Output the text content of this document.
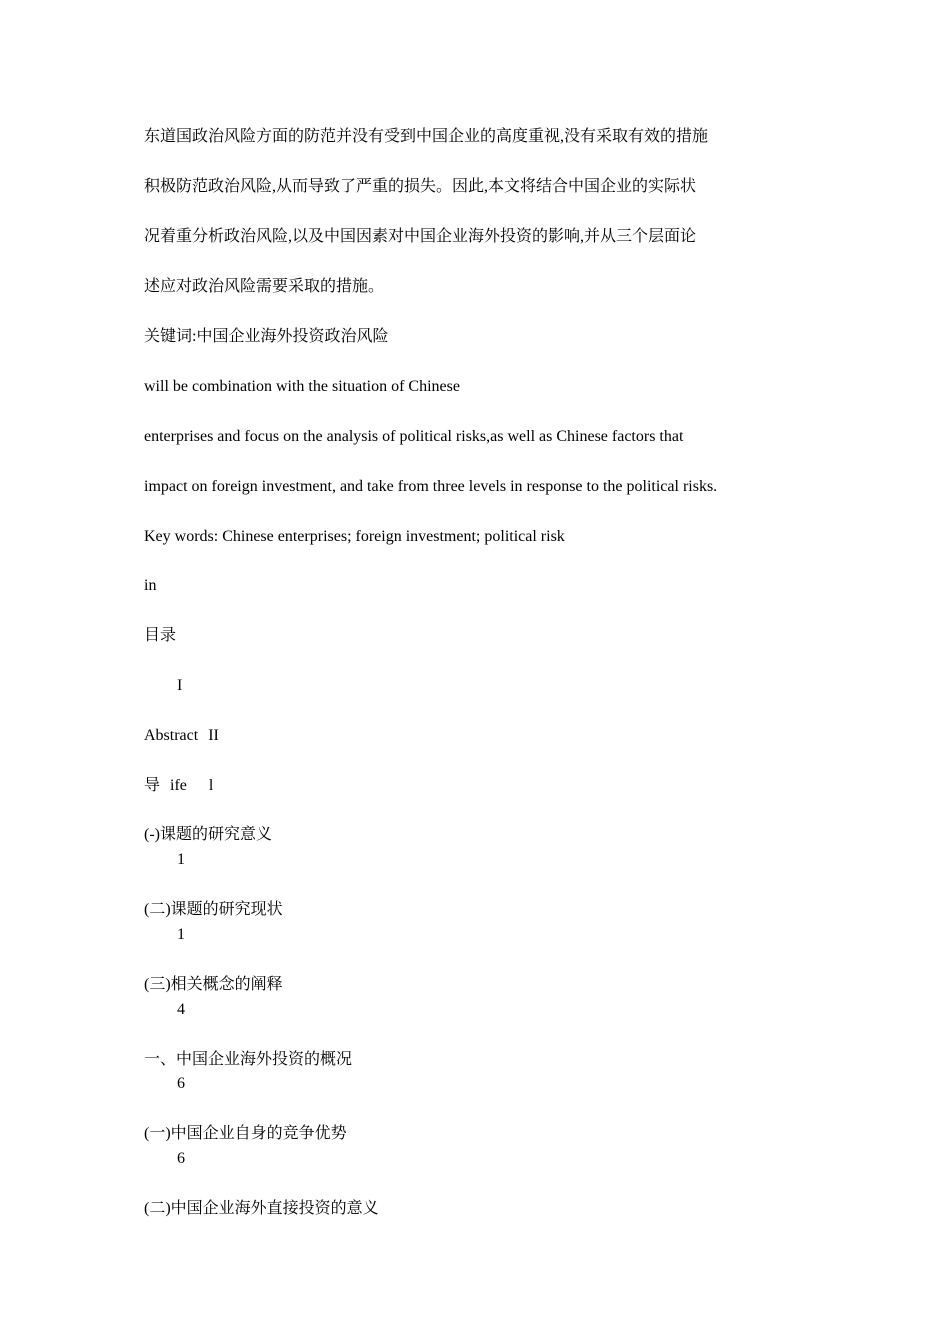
东道国政治风险方面的防范并没有受到中国企业的高度重视,没有采取有效的措施
积极防范政治风险,从而导致了严重的损失。因此,本文将结合中国企业的实际状
况着重分析政治风险,以及中国因素对中国企业海外投资的影响,并从三个层面论
述应对政治风险需要采取的措施。
关键词:中国企业海外投资政治风险
will be combination with the situation of Chinese
enterprises and focus on the analysis of political risks,as well as Chinese factors that
impact on foreign investment, and take from three levels in response to the political risks.
Key words: Chinese enterprises; foreign investment; political risk
in
目录
I
Abstract II
导 ife l
(-)课题的研究意义
1
(二)课题的研究现状
1
(三)相关概念的阐释
4
一、中国企业海外投资的概况
6
(一)中国企业自身的竞争优势
6
(二)中国企业海外直接投资的意义
